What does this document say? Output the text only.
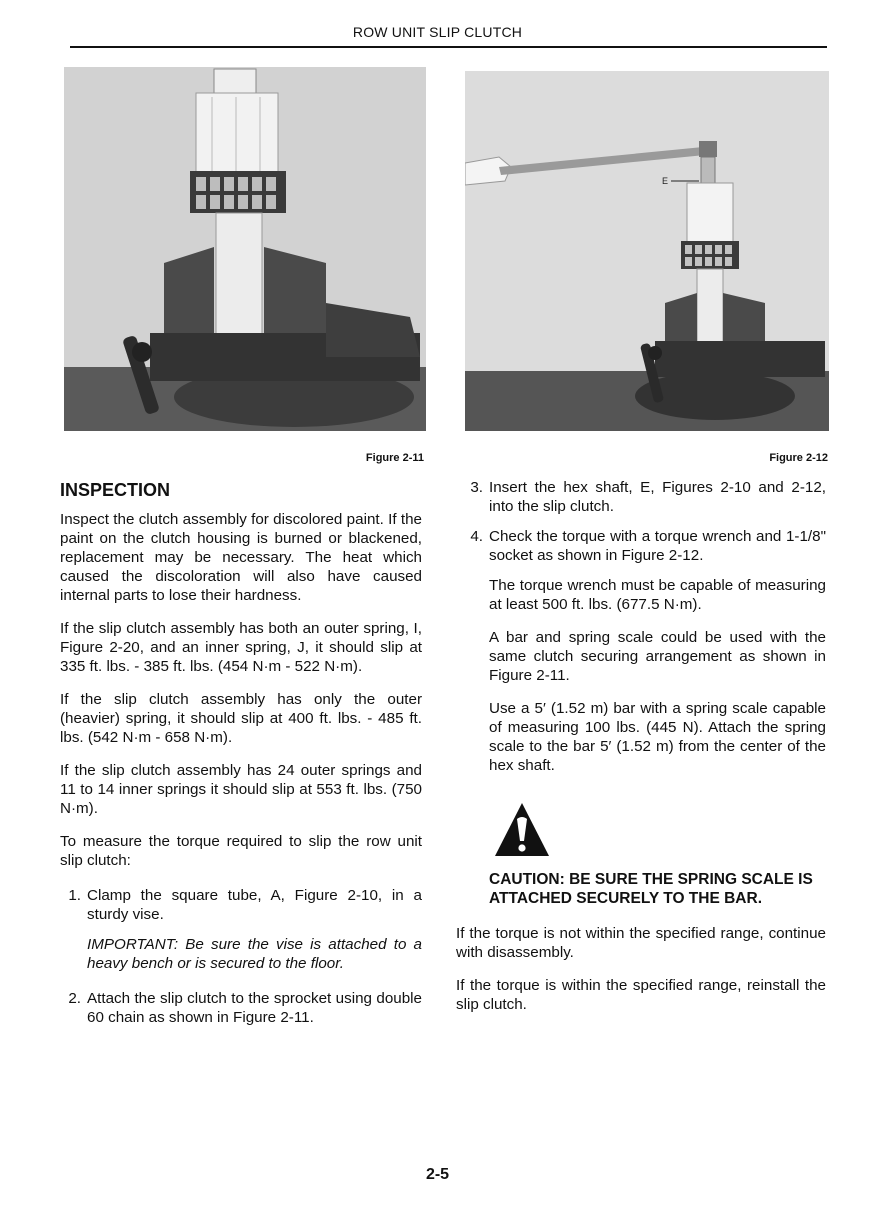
ROW UNIT SLIP CLUTCH
E
Figure 2-11	Figure 2-12
INSPECTION

Inspect the clutch assembly for discolored paint. If the paint on the clutch housing is burned or blackened, replacement may be necessary. The heat which caused the discoloration will also have caused internal parts to lose their hardness.

If the slip clutch assembly has both an outer spring, I, Figure 2-20, and an inner spring, J, it should slip at 335 ft. lbs. - 385 ft. lbs. (454 N·m - 522 N·m).

If the slip clutch assembly has only the outer (heavier) spring, it should slip at 400 ft. lbs. - 485 ft. lbs. (542 N·m - 658 N·m).

If the slip clutch assembly has 24 outer springs and 11 to 14 inner springs it should slip at 553 ft. lbs. (750 N·m).

To measure the torque required to slip the row unit slip clutch:

1. Clamp the square tube, A, Figure 2-10, in a sturdy vise.

IMPORTANT: Be sure the vise is attached to a heavy bench or is secured to the floor.

2. Attach the slip clutch to the sprocket using double 60 chain as shown in Figure 2-11.
3. Insert the hex shaft, E, Figures 2-10 and 2-12, into the slip clutch.
4. Check the torque with a torque wrench and 1-1/8" socket as shown in Figure 2-12.

The torque wrench must be capable of measuring at least 500 ft. lbs. (677.5 N·m).

A bar and spring scale could be used with the same clutch securing arrangement as shown in Figure 2-11.

Use a 5′ (1.52 m) bar with a spring scale capable of measuring 100 lbs. (445 N). Attach the spring scale to the bar 5′ (1.52 m) from the center of the hex shaft.

CAUTION: BE SURE THE SPRING SCALE IS ATTACHED SECURELY TO THE BAR.

If the torque is not within the specified range, continue with disassembly.

If the torque is within the specified range, reinstall the slip clutch.

2-5
